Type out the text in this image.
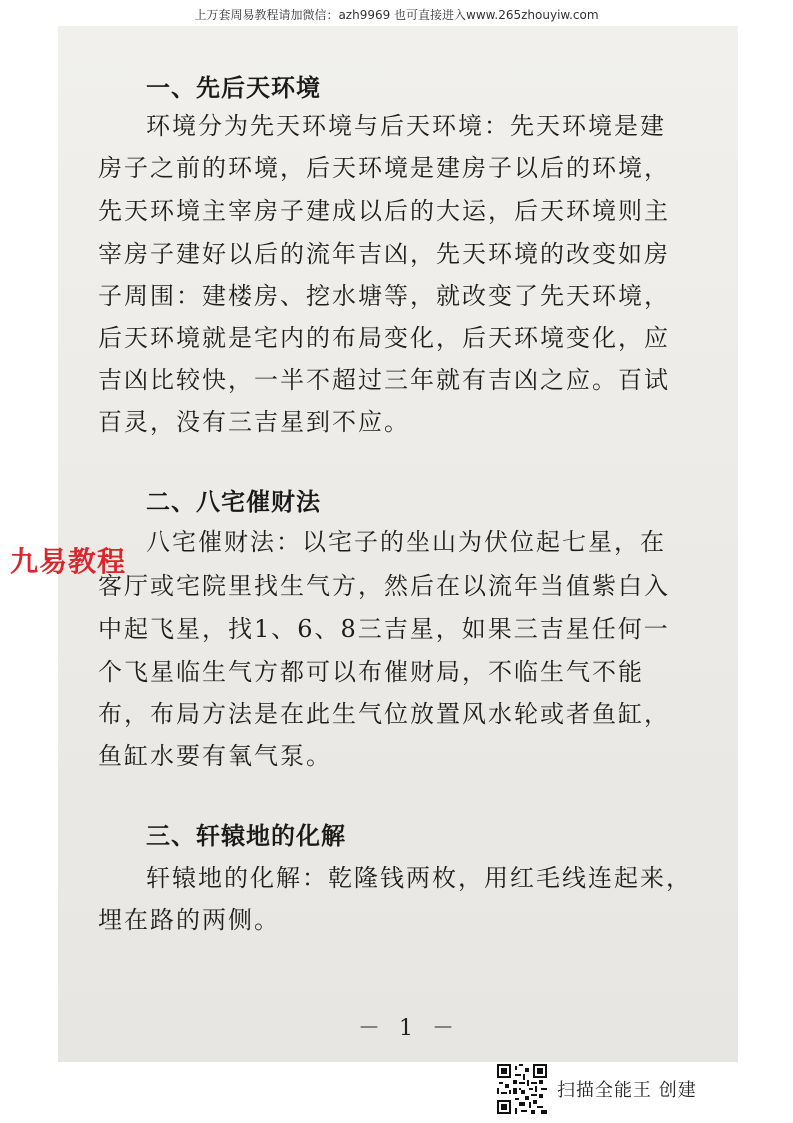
上万套周易教程请加微信：azh9969 也可直接进入www.265zhouyiw.com
一、先后天环境
环境分为先天环境与后天环境：先天环境是建
房子之前的环境，后天环境是建房子以后的环境，
先天环境主宰房子建成以后的大运，后天环境则主
宰房子建好以后的流年吉凶，先天环境的改变如房
子周围：建楼房、挖水塘等，就改变了先天环境，
后天环境就是宅内的布局变化，后天环境变化，应
吉凶比较快，一半不超过三年就有吉凶之应。百试
百灵，没有三吉星到不应。
二、八宅催财法
八宅催财法：以宅子的坐山为伏位起七星，在
客厅或宅院里找生气方，然后在以流年当值紫白入
中起飞星，找1、6、8三吉星，如果三吉星任何一
个飞星临生气方都可以布催财局，不临生气不能
布，布局方法是在此生气位放置风水轮或者鱼缸，
鱼缸水要有氧气泵。
三、轩辕地的化解
轩辕地的化解：乾隆钱两枚，用红毛线连起来，
埋在路的两侧。
－ 1 －
九易教程
扫描全能王 创建
